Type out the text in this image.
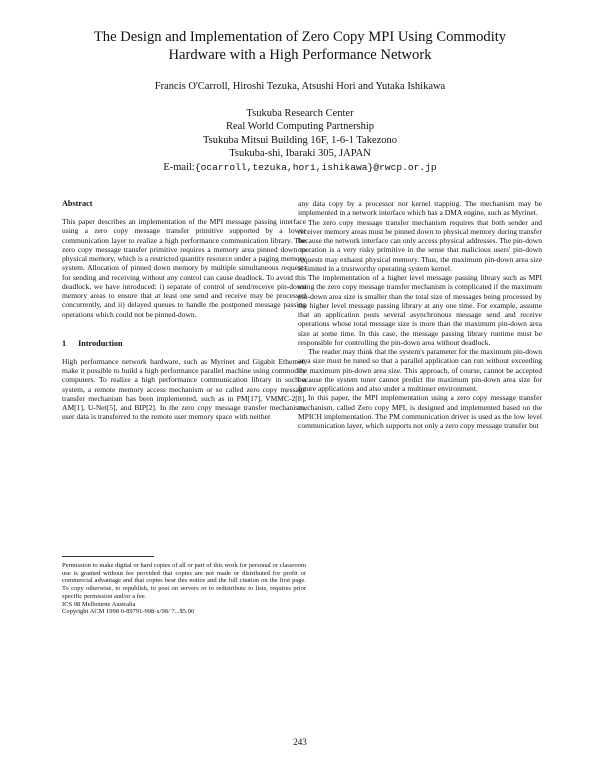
The Design and Implementation of Zero Copy MPI Using Commodity
Hardware with a High Performance Network
Francis O'Carroll, Hiroshi Tezuka, Atsushi Hori and Yutaka Ishikawa
Tsukuba Research Center
Real World Computing Partnership
Tsukuba Mitsui Building 16F, 1-6-1 Takezono
Tsukuba-shi, Ibaraki 305, JAPAN
E-mail:{ocarroll,tezuka,hori,ishikawa}@rwcp.or.jp

Abstract

This paper describes an implementation of the MPI message passing interface using a zero copy message transfer primitive supported by a lower communication layer to realize a high performance communication library. The zero copy message transfer primitive requires a memory area pinned down to physical memory, which is a restricted quantity resource under a paging memory system. Allocation of pinned down memory by multiple simultaneous requests for sending and receiving without any control can cause deadlock. To avoid this deadlock, we have introduced: i) separate of control of send/receive pin-down memory areas to ensure that at least one send and receive may be processed concurrently, and ii) delayed queues to handle the postponed message passing operations which could not be pinned-down.

1 Introduction

High performance network hardware, such as Myrinet and Gigabit Ethernet, make it possible to build a high performance parallel machine using commodity computers. To realize a high performance communication library in such a system, a remote memory access mechanism or so called zero copy message transfer mechanism has been implemented, such as in PM[17], VMMC-2[8], AM[1], U-Net[5], and BIP[2]. In the zero copy message transfer mechanism, user data is transferred to the remote user memory space with neither

Permission to make digital or hard copies of all or part of this work for personal or classroom use is granted without fee provided that copies are not made or distributed for profit or commercial advantage and that copies bear this notice and the full citation on the first page. To copy otherwise, to republish, to post on servers or to redistribute to lists, requires prior specific permission and/or a fee.

ICS 98 Melbourne Australia

Copyright ACM 1998 0-89791-998-x/98/ 7...$5.00

any data copy by a processor nor kernel trapping. The mechanism may be implemented in a network interface which has a DMA engine, such as Myrinet.

The zero copy message transfer mechanism requires that both sender and receiver memory areas must be pinned down to physical memory during transfer because the network interface can only access physical addresses. The pin-down operation is a very risky primitive in the sense that malicious users' pin-down requests may exhaust physical memory. Thus, the maximum pin-down area size is limited in a trustworthy operating system kernel.

The implementation of a higher level message passing library such as MPI using the zero copy message transfer mechanism is complicated if the maximum pin-down area size is smaller than the total size of messages being processed by the higher level message passing library at any one time. For example, assume that an application posts several asynchronous message send and receive operations whose total message size is more than the maximum pin-down area size at some time. In this case, the message passing library runtime must be responsible for controlling the pin-down area without deadlock.

The reader may think that the system's parameter for the maximum pin-down area size must be tuned so that a parallel application can run without exceeding the maximum pin-down area size. This approach, of course, cannot be accepted because the system tuner cannot predict the maximum pin-down area size for future applications and also under a multiuser environment.

In this paper, the MPI implementation using a zero copy message transfer mechanism, called Zero copy MPI, is designed and implemented based on the MPICH implementation. The PM communication driver is used as the low level communication layer, which supports not only a zero copy message transfer but

243
